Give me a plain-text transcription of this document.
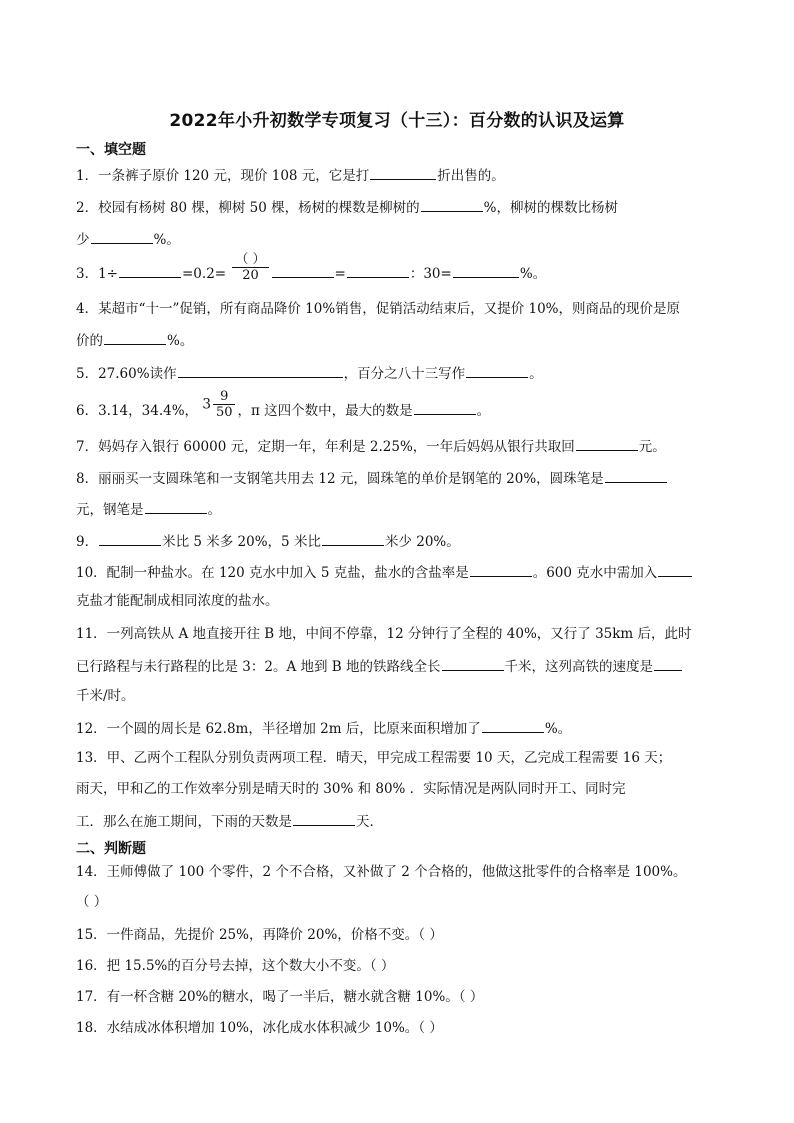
2022年小升初数学专项复习（十三）：百分数的认识及运算
一、填空题
1．一条裤子原价 120 元，现价 108 元，它是打	折出售的。
2．校园有杨树 80 棵，柳树 50 棵，杨树的棵数是柳树的	%，柳树的棵数比杨树
少	%。
3．1÷	$=0.2= \frac{( )}{20}$	=	：30=	%。
4．某超市“十一”促销，所有商品降价 10%销售，促销活动结束后，又提价 10%，则商品的现价是原
价的	%。
5．27.60%读作	，百分之八十三写作	。
6．3.14，34.4%， $3 \frac{9}{50}$ ，π 这四个数中，最大的数是	。
7．妈妈存入银行 60000 元，定期一年，年利是 2.25%，一年后妈妈从银行共取回	元。
8．丽丽买一支圆珠笔和一支钢笔共用去 12 元，圆珠笔的单价是钢笔的 20%，圆珠笔是
元，钢笔是	。
9．	米比 5 米多 20%，5 米比	米少 20%。
10．配制一种盐水。在 120 克水中加入 5 克盐，盐水的含盐率是	。600 克水中需加入
克盐才能配制成相同浓度的盐水。
11．一列高铁从 A 地直接开往 B 地，中间不停靠，12 分钟行了全程的 40%，又行了 35km 后，此时
已行路程与未行路程的比是 3：2。A 地到 B 地的铁路线全长	千米，这列高铁的速度是
千米/时。
12．一个圆的周长是 62.8m，半径增加 2m 后，比原来面积增加了	%。
13．甲、乙两个工程队分别负责两项工程．晴天，甲完成工程需要 10 天，乙完成工程需要 16 天；
雨天，甲和乙的工作效率分别是晴天时的 30% 和 80% ．实际情况是两队同时开工、同时完
工．那么在施工期间，下雨的天数是	天．
二、判断题
14．王师傅做了 100 个零件，2 个不合格，又补做了 2 个合格的，他做这批零件的合格率是 100%。
（ ）
15．一件商品，先提价 25%，再降价 20%，价格不变。（ ）
16．把 15.5%的百分号去掉，这个数大小不变。（ ）
17．有一杯含糖 20%的糖水，喝了一半后，糖水就含糖 10%。（ ）
18．水结成冰体积增加 10%，冰化成水体积减少 10%。（ ）
